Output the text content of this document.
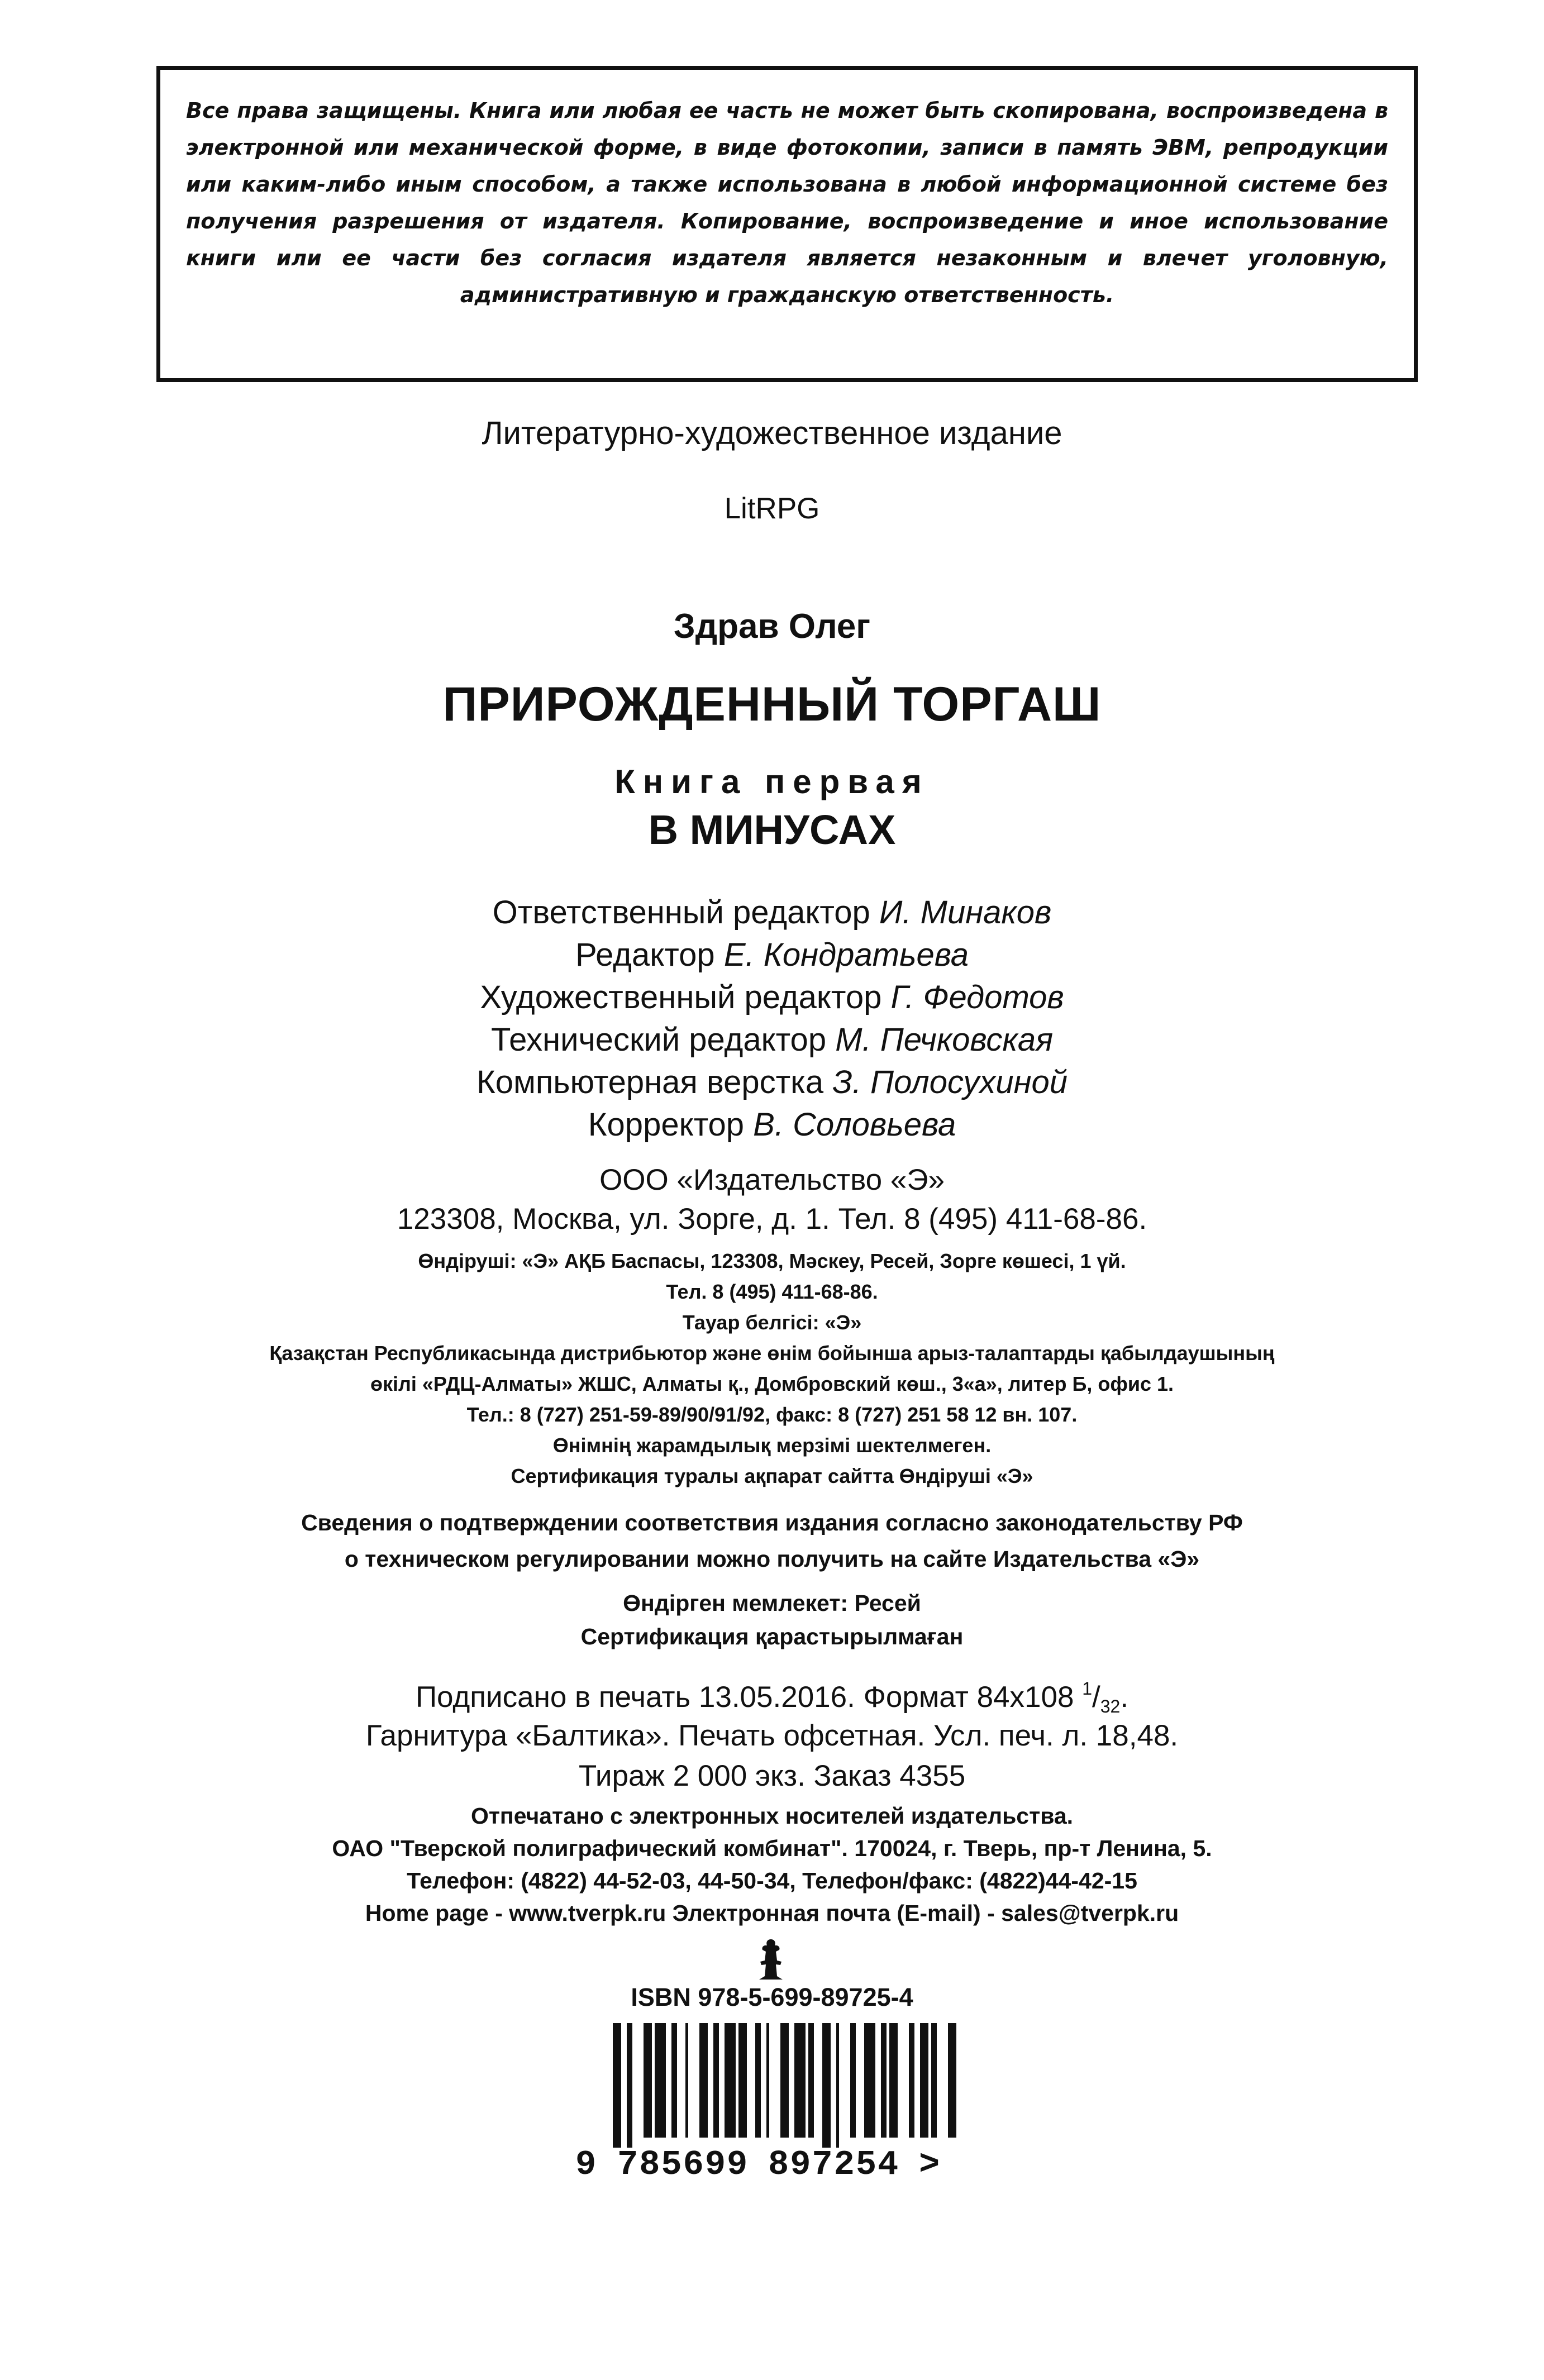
Все права защищены. Книга или любая ее часть не может быть скопирована, воспроизведена в электронной или механической форме, в виде фотокопии, записи в память ЭВМ, репродукции или каким-либо иным способом, а также использована в любой информационной системе без получения разрешения от издателя. Копирование, воспроизведение и иное использование книги или ее части без согласия издателя является незаконным и влечет уголовную, административную и гражданскую ответственность.

Литературно-художественное издание
LitRPG
Здрав Олег
ПРИРОЖДЕННЫЙ ТОРГАШ
Книга первая
В МИНУСАХ
Ответственный редактор И. Минаков
Редактор Е. Кондратьева
Художественный редактор Г. Федотов
Технический редактор М. Печковская
Компьютерная верстка З. Полосухиной
Корректор В. Соловьева
ООО «Издательство «Э»
123308, Москва, ул. Зорге, д. 1. Тел. 8 (495) 411-68-86.
Өндіруші: «Э» АҚБ Баспасы, 123308, Мәскеу, Ресей, Зорге көшесі, 1 үй.
Тел. 8 (495) 411-68-86.
Тауар белгісі: «Э»
Қазақстан Республикасында дистрибьютор және өнім бойынша арыз-талаптарды қабылдаушының
өкілі «РДЦ-Алматы» ЖШС, Алматы қ., Домбровский көш., 3«а», литер Б, офис 1.
Тел.: 8 (727) 251-59-89/90/91/92, факс: 8 (727) 251 58 12 вн. 107.
Өнімнің жарамдылық мерзімі шектелмеген.
Сертификация туралы ақпарат сайтта Өндіруші «Э»
Сведения о подтверждении соответствия издания согласно законодательству РФ
о техническом регулировании можно получить на сайте Издательства «Э»
Өндірген мемлекет: Ресей
Сертификация қарастырылмаған
Подписано в печать 13.05.2016. Формат 84х108 $^1/_{32}$.
Гарнитура «Балтика». Печать офсетная. Усл. печ. л. 18,48.
Тираж 2 000 экз. Заказ 4355
Отпечатано с электронных носителей издательства.
ОАО "Тверской полиграфический комбинат". 170024, г. Тверь, пр-т Ленина, 5.
Телефон: (4822) 44-52-03, 44-50-34, Телефон/факс: (4822)44-42-15
Home page - www.tverpk.ru Электронная почта (E-mail) - sales@tverpk.ru
ISBN 978-5-699-89725-4
9 785699 897254 >
